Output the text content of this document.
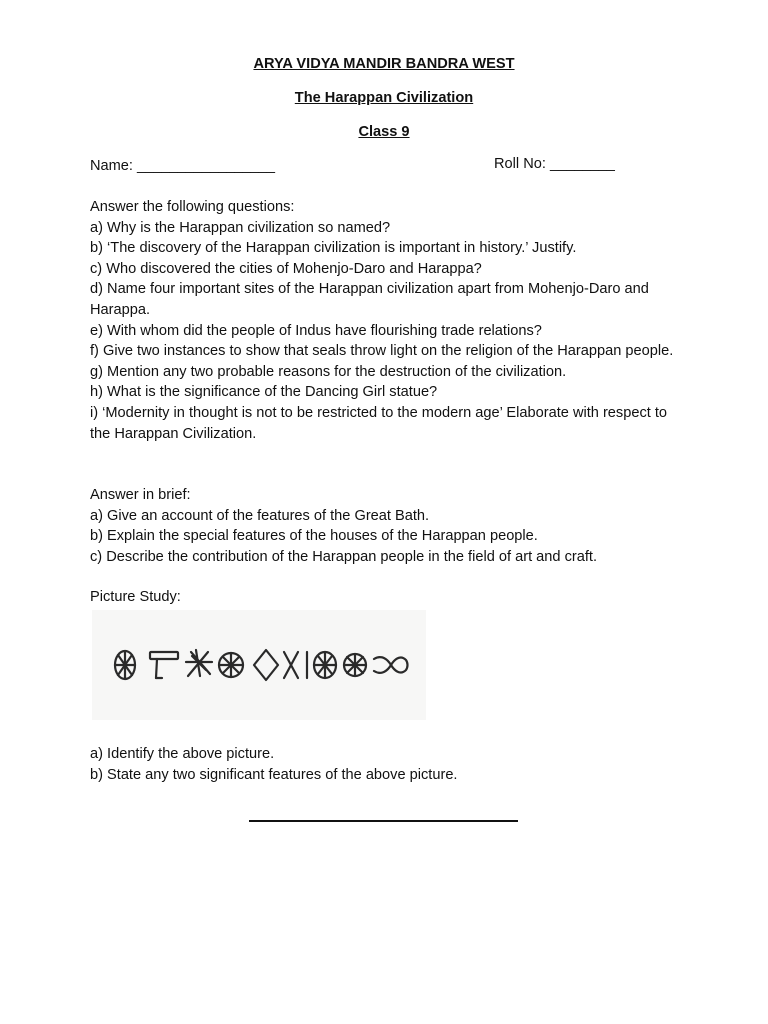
ARYA VIDYA MANDIR BANDRA WEST
The Harappan Civilization
Class 9
Name: _________________	Roll No: ________
Answer the following questions:
a) Why is the Harappan civilization so named?
b) ‘The discovery of the Harappan civilization is important in history.’ Justify.
c) Who discovered the cities of Mohenjo-Daro and Harappa?
d) Name four important sites of the Harappan civilization apart from Mohenjo-Daro and Harappa.
e) With whom did the people of Indus have flourishing trade relations?
f) Give two instances to show that seals throw light on the religion of the Harappan people.
g) Mention any two probable reasons for the destruction of the civilization.
h) What is the significance of the Dancing Girl statue?
i) ‘Modernity in thought is not to be restricted to the modern age’ Elaborate with respect to the Harappan Civilization.
Answer in brief:
a) Give an account of the features of the Great Bath.
b) Explain the special features of the houses of the Harappan people.
c) Describe the contribution of the Harappan people in the field of art and craft.
Picture Study:
a) Identify the above picture.
b) State any two significant features of the above picture.
